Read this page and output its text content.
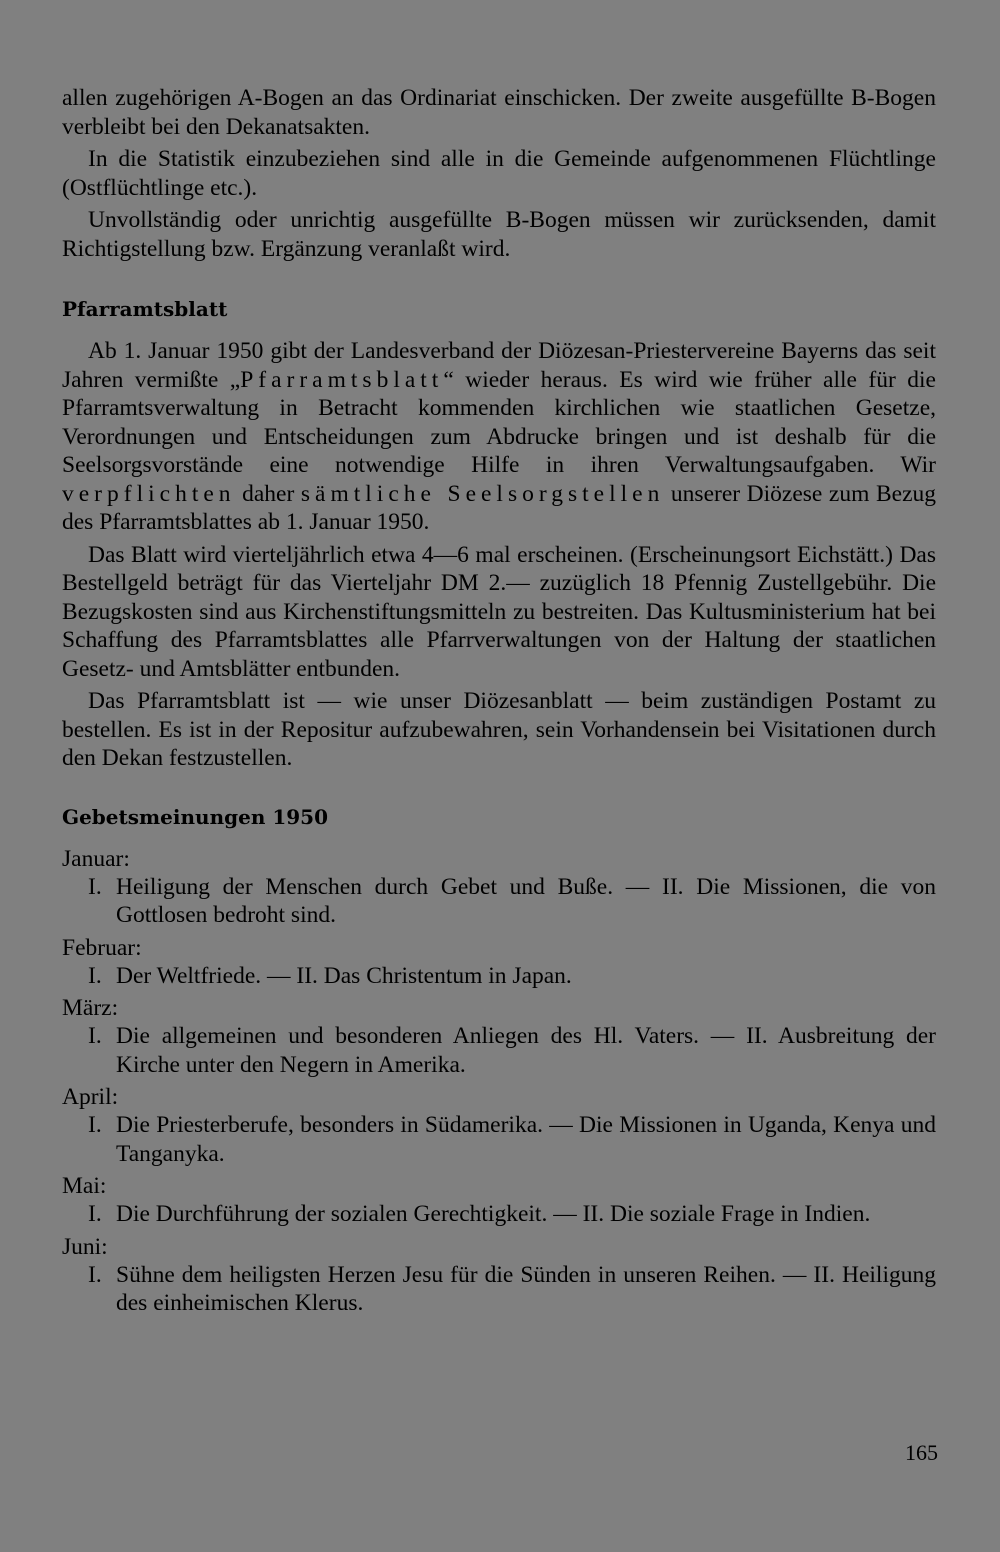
allen zugehörigen A-Bogen an das Ordinariat einschicken. Der zweite ausgefüllte B-Bogen verbleibt bei den Dekanatsakten.

In die Statistik einzubeziehen sind alle in die Gemeinde aufgenommenen Flüchtlinge (Ostflüchtlinge etc.).

Unvollständig oder unrichtig ausgefüllte B-Bogen müssen wir zurücksenden, damit Richtigstellung bzw. Ergänzung veranlaßt wird.

Pfarramtsblatt

Ab 1. Januar 1950 gibt der Landesverband der Diözesan-Priestervereine Bayerns das seit Jahren vermißte „Pfarramtsblatt“ wieder heraus. Es wird wie früher alle für die Pfarramtsverwaltung in Betracht kommenden kirchlichen wie staatlichen Gesetze, Verordnungen und Entscheidungen zum Abdrucke bringen und ist deshalb für die Seelsorgsvorstände eine notwendige Hilfe in ihren Verwaltungsaufgaben. Wir verpflichten daher sämtliche Seelsorgstellen unserer Diözese zum Bezug des Pfarramtsblattes ab 1. Januar 1950.

Das Blatt wird vierteljährlich etwa 4—6 mal erscheinen. (Erscheinungsort Eichstätt.) Das Bestellgeld beträgt für das Vierteljahr DM 2.— zuzüglich 18 Pfennig Zustellgebühr. Die Bezugskosten sind aus Kirchenstiftungsmitteln zu bestreiten. Das Kultusministerium hat bei Schaffung des Pfarramtsblattes alle Pfarrverwaltungen von der Haltung der staatlichen Gesetz- und Amtsblätter entbunden.

Das Pfarramtsblatt ist — wie unser Diözesanblatt — beim zuständigen Postamt zu bestellen. Es ist in der Repositur aufzubewahren, sein Vorhandensein bei Visitationen durch den Dekan festzustellen.

Gebetsmeinungen 1950
Januar:
I. Heiligung der Menschen durch Gebet und Buße. — II. Die Missionen, die von Gottlosen bedroht sind.
Februar:
I. Der Weltfriede. — II. Das Christentum in Japan.
März:
I. Die allgemeinen und besonderen Anliegen des Hl. Vaters. — II. Ausbreitung der Kirche unter den Negern in Amerika.
April:
I. Die Priesterberufe, besonders in Südamerika. — Die Missionen in Uganda, Kenya und Tanganyka.
Mai:
I. Die Durchführung der sozialen Gerechtigkeit. — II. Die soziale Frage in Indien.
Juni:
I. Sühne dem heiligsten Herzen Jesu für die Sünden in unseren Reihen. — II. Heiligung des einheimischen Klerus.
165
